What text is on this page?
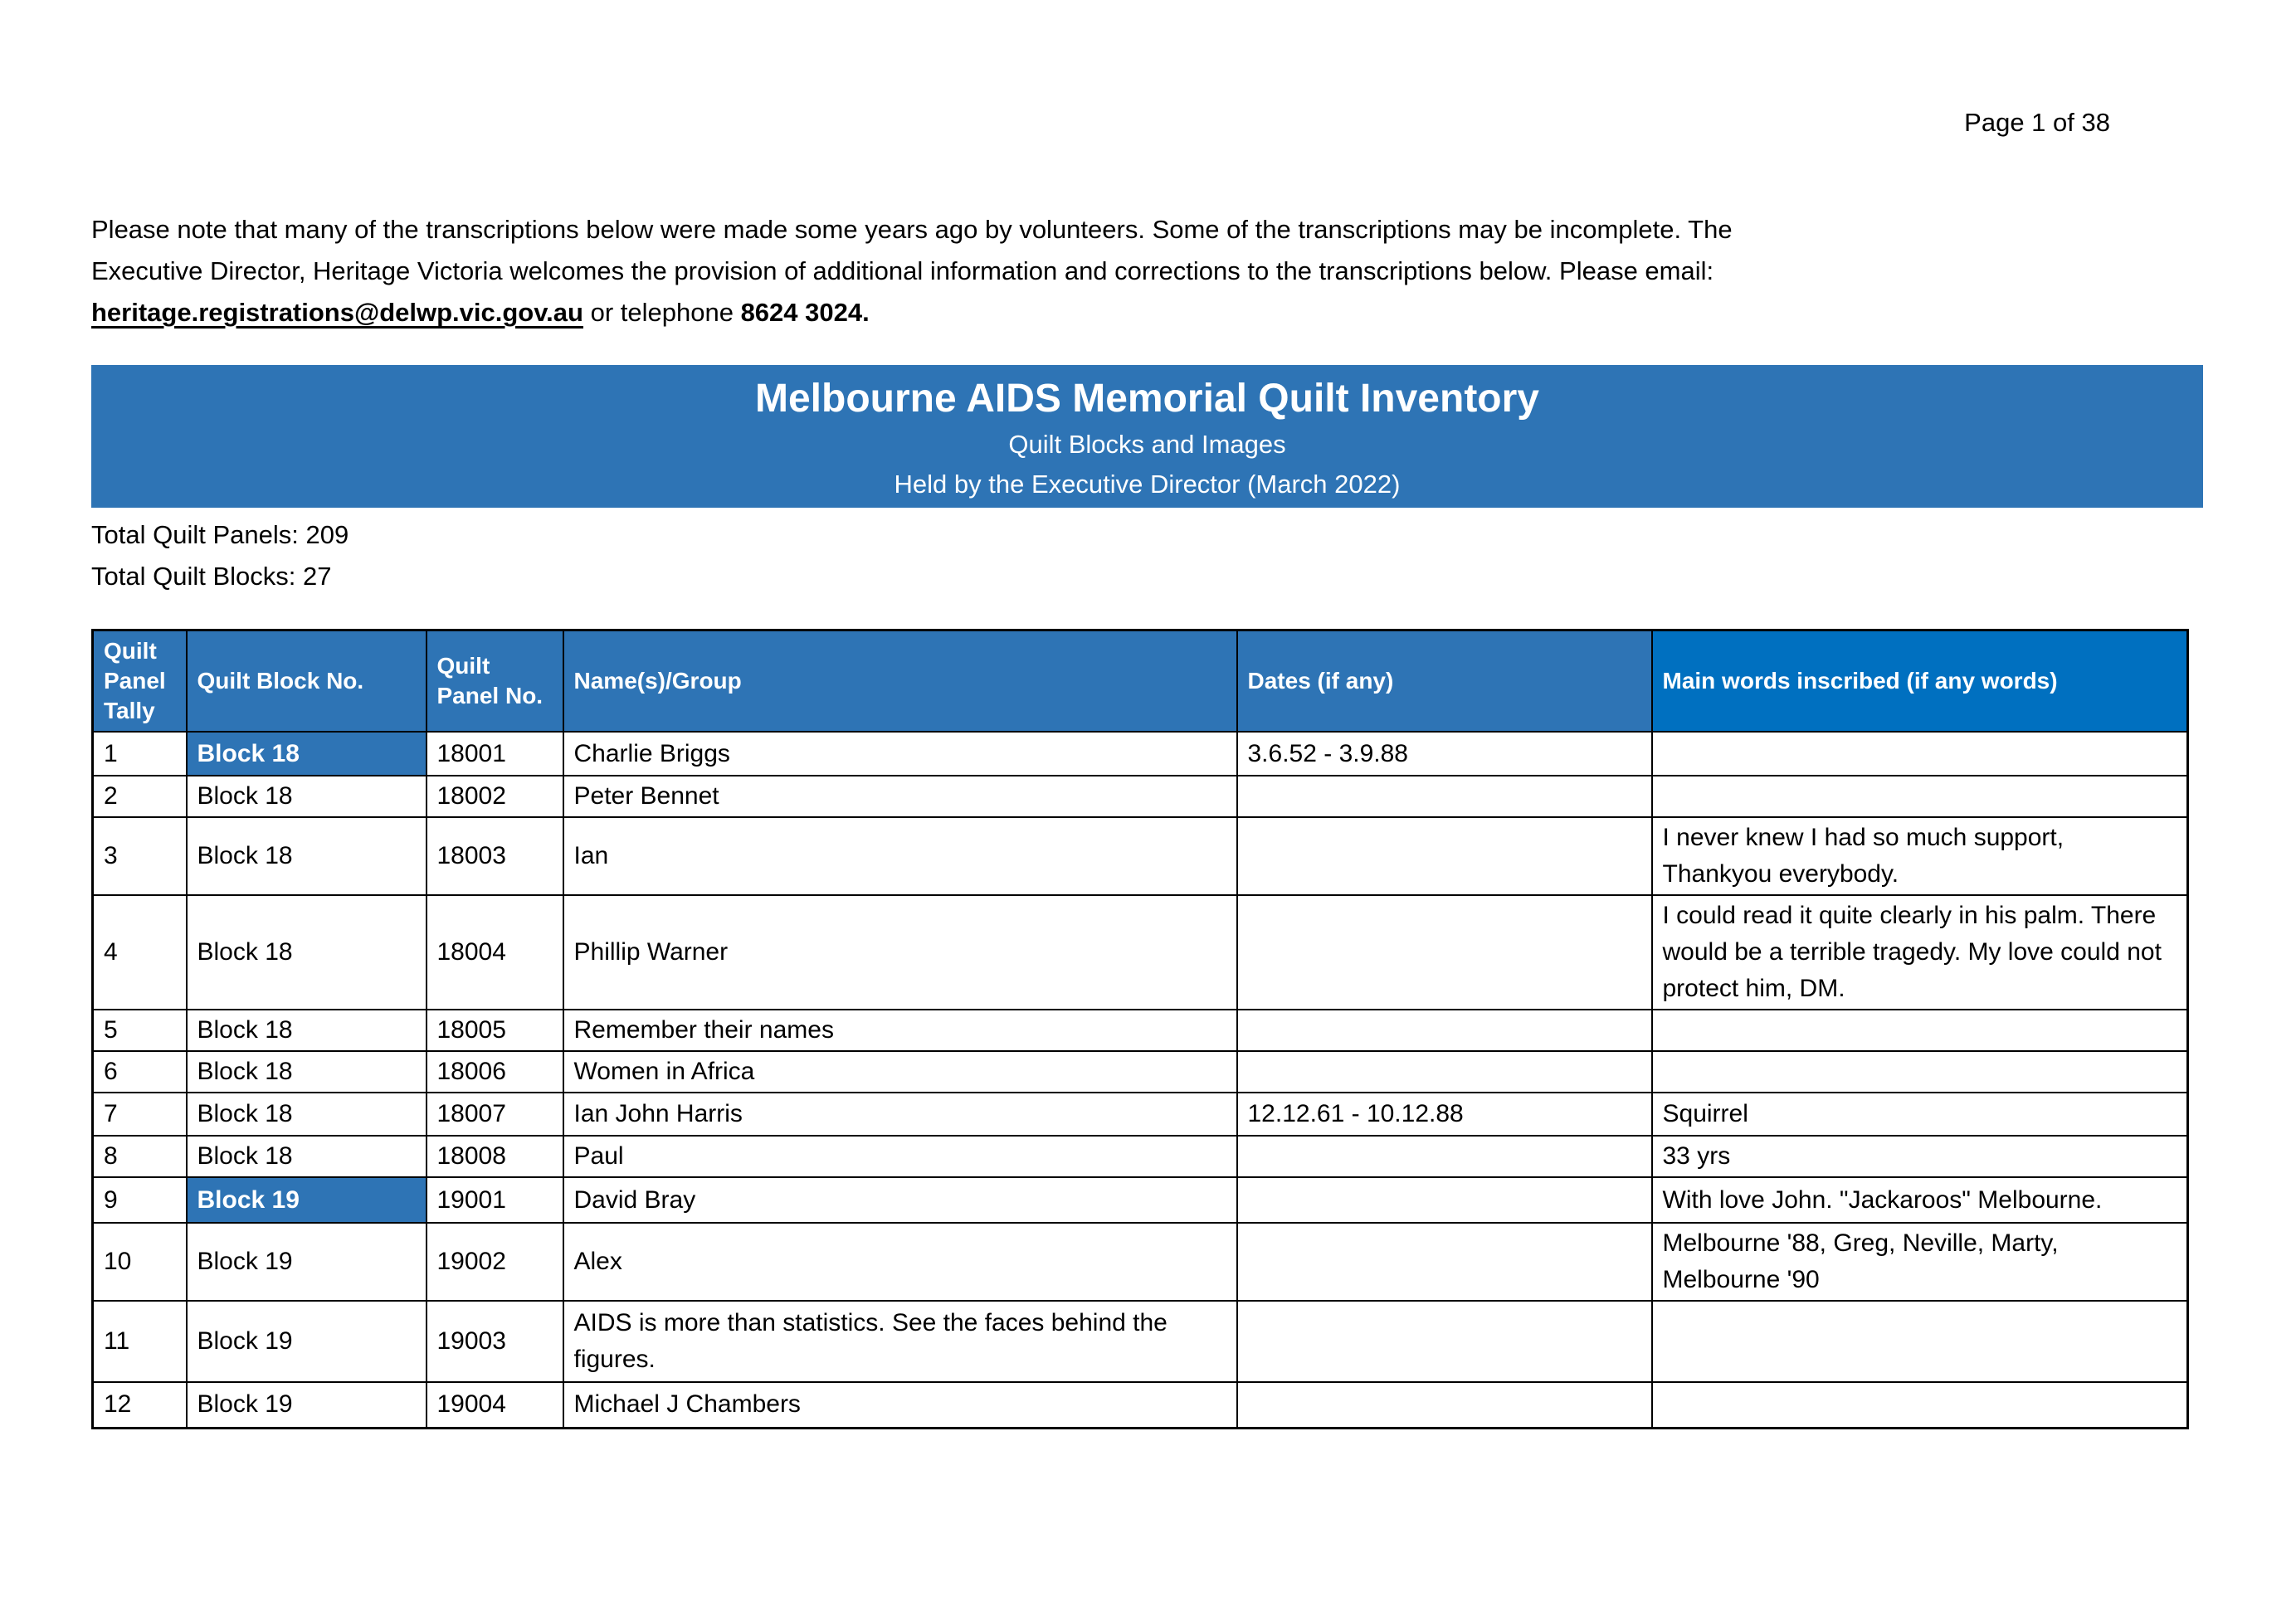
Page 1 of 38
Please note that many of the transcriptions below were made some years ago by volunteers. Some of the transcriptions may be incomplete. The
Executive Director, Heritage Victoria welcomes the provision of additional information and corrections to the transcriptions below. Please email:
heritage.registrations@delwp.vic.gov.au or telephone 8624 3024.
Melbourne AIDS Memorial Quilt Inventory
Quilt Blocks and Images
Held by the Executive Director (March 2022)
Total Quilt Panels: 209
Total Quilt Blocks: 27
Quilt Panel Tally	Quilt Block No.	Quilt Panel No.	Name(s)/Group	Dates (if any)	Main words inscribed (if any words)
1	Block 18	18001	Charlie Briggs	3.6.52 - 3.9.88	
2	Block 18	18002	Peter Bennet		
3	Block 18	18003	Ian		I never knew I had so much support, Thankyou everybody.
4	Block 18	18004	Phillip Warner		I could read it quite clearly in his palm. There would be a terrible tragedy. My love could not protect him, DM.
5	Block 18	18005	Remember their names		
6	Block 18	18006	Women in Africa		
7	Block 18	18007	Ian John Harris	12.12.61 - 10.12.88	Squirrel
8	Block 18	18008	Paul		33 yrs
9	Block 19	19001	David Bray		With love John. "Jackaroos" Melbourne.
10	Block 19	19002	Alex		Melbourne '88, Greg, Neville, Marty, Melbourne '90
11	Block 19	19003	AIDS is more than statistics. See the faces behind the figures.		
12	Block 19	19004	Michael J Chambers		
